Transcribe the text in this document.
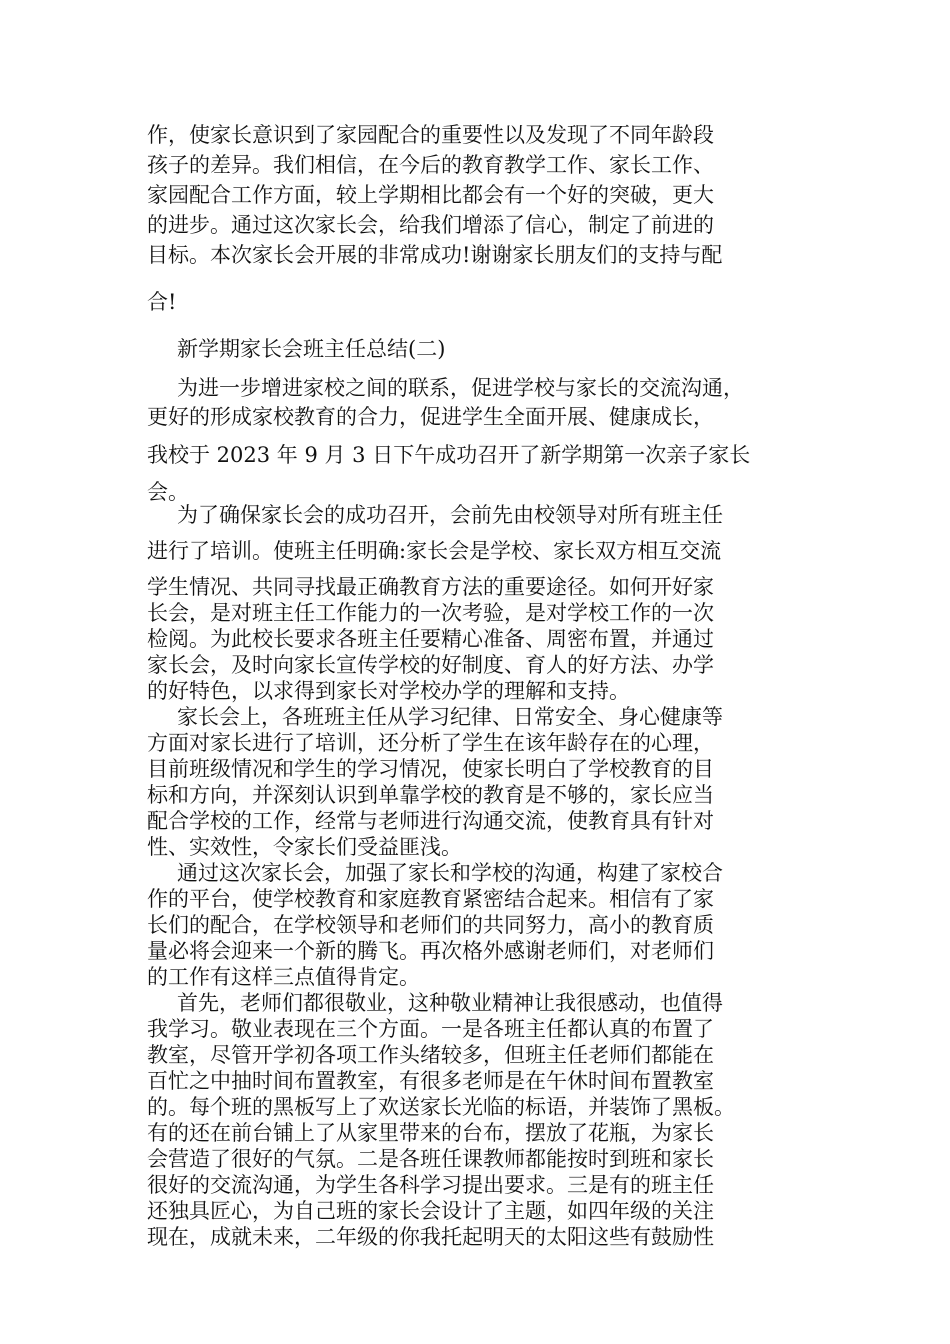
作，使家长意识到了家园配合的重要性以及发现了不同年龄段

孩子的差异。我们相信，在今后的教育教学工作、家长工作、

家园配合工作方面，较上学期相比都会有一个好的突破，更大

的进步。通过这次家长会，给我们增添了信心，制定了前进的

目标。本次家长会开展的非常成功!谢谢家长朋友们的支持与配

合!

新学期家长会班主任总结(二)

为进一步增进家校之间的联系，促进学校与家长的交流沟通，

更好的形成家校教育的合力，促进学生全面开展、健康成长，

我校于 2023 年 9 月 3 日下午成功召开了新学期第一次亲子家长

会。

为了确保家长会的成功召开，会前先由校领导对所有班主任

进行了培训。使班主任明确:家长会是学校、家长双方相互交流

学生情况、共同寻找最正确教育方法的重要途径。如何开好家

长会，是对班主任工作能力的一次考验，是对学校工作的一次

检阅。为此校长要求各班主任要精心准备、周密布置，并通过

家长会，及时向家长宣传学校的好制度、育人的好方法、办学

的好特色，以求得到家长对学校办学的理解和支持。

家长会上，各班班主任从学习纪律、日常安全、身心健康等

方面对家长进行了培训，还分析了学生在该年龄存在的心理，

目前班级情况和学生的学习情况，使家长明白了学校教育的目

标和方向，并深刻认识到单靠学校的教育是不够的，家长应当

配合学校的工作，经常与老师进行沟通交流，使教育具有针对

性、实效性，令家长们受益匪浅。

通过这次家长会，加强了家长和学校的沟通，构建了家校合

作的平台，使学校教育和家庭教育紧密结合起来。相信有了家

长们的配合，在学校领导和老师们的共同努力，高小的教育质

量必将会迎来一个新的腾飞。再次格外感谢老师们，对老师们

的工作有这样三点值得肯定。

首先，老师们都很敬业，这种敬业精神让我很感动，也值得

我学习。敬业表现在三个方面。一是各班主任都认真的布置了

教室，尽管开学初各项工作头绪较多，但班主任老师们都能在

百忙之中抽时间布置教室，有很多老师是在午休时间布置教室

的。每个班的黑板写上了欢送家长光临的标语，并装饰了黑板。

有的还在前台铺上了从家里带来的台布，摆放了花瓶，为家长

会营造了很好的气氛。二是各班任课教师都能按时到班和家长

很好的交流沟通，为学生各科学习提出要求。三是有的班主任

还独具匠心，为自己班的家长会设计了主题，如四年级的关注

现在，成就未来，二年级的你我托起明天的太阳这些有鼓励性
